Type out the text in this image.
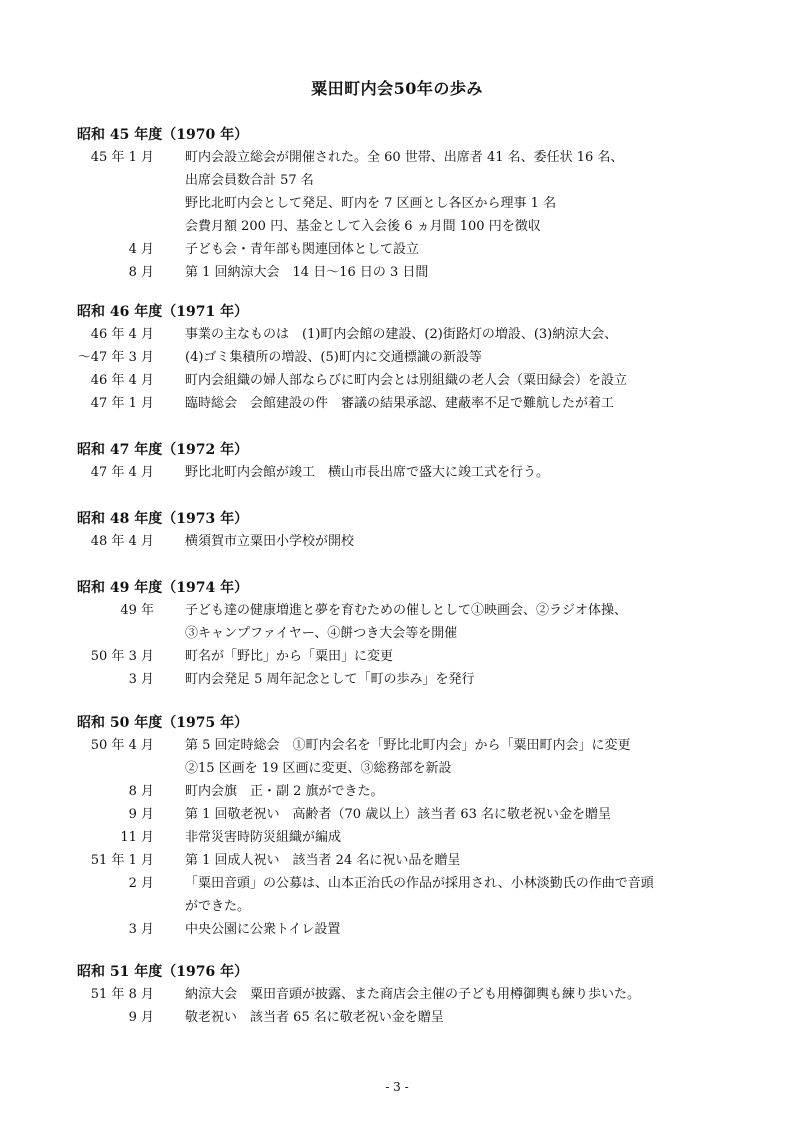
粟田町内会50年の歩み
昭和 45 年度（1970 年）
45 年 1 月 町内会設立総会が開催された。全 60 世帯、出席者 41 名、委任状 16 名、
出席会員数合計 57 名
野比北町内会として発足、町内を 7 区画とし各区から理事 1 名
会費月額 200 円、基金として入会後 6 ヵ月間 100 円を徴収
4 月 子ども会・青年部も関連団体として設立
8 月 第 1 回納涼大会　14 日～16 日の 3 日間
昭和 46 年度（1971 年）
46 年 4 月 事業の主なものは　(1)町内会館の建設、(2)街路灯の増設、(3)納涼大会、
～47 年 3 月 (4)ゴミ集積所の増設、(5)町内に交通標識の新設等
46 年 4 月 町内会組織の婦人部ならびに町内会とは別組織の老人会（粟田緑会）を設立
47 年 1 月 臨時総会　会館建設の件　審議の結果承認、建蔽率不足で難航したが着工
昭和 47 年度（1972 年）
47 年 4 月 野比北町内会館が竣工　横山市長出席で盛大に竣工式を行う。
昭和 48 年度（1973 年）
48 年 4 月 横須賀市立粟田小学校が開校
昭和 49 年度（1974 年）
49 年 子ども達の健康増進と夢を育むための催しとして①映画会、②ラジオ体操、
③キャンプファイヤー、④餅つき大会等を開催
50 年 3 月 町名が「野比」から「粟田」に変更
3 月 町内会発足 5 周年記念として「町の歩み」を発行
昭和 50 年度（1975 年）
50 年 4 月 第 5 回定時総会　①町内会名を「野比北町内会」から「粟田町内会」に変更
②15 区画を 19 区画に変更、③総務部を新設
8 月 町内会旗　正・副 2 旗ができた。
9 月 第 1 回敬老祝い　高齢者（70 歳以上）該当者 63 名に敬老祝い金を贈呈
11 月 非常災害時防災組織が編成
51 年 1 月 第 1 回成人祝い　該当者 24 名に祝い品を贈呈
2 月 「粟田音頭」の公募は、山本正治氏の作品が採用され、小林淡勤氏の作曲で音頭
ができた。
3 月 中央公園に公衆トイレ設置
昭和 51 年度（1976 年）
51 年 8 月 納涼大会　粟田音頭が披露、また商店会主催の子ども用樽御輿も練り歩いた。
9 月 敬老祝い　該当者 65 名に敬老祝い金を贈呈
- 3 -
